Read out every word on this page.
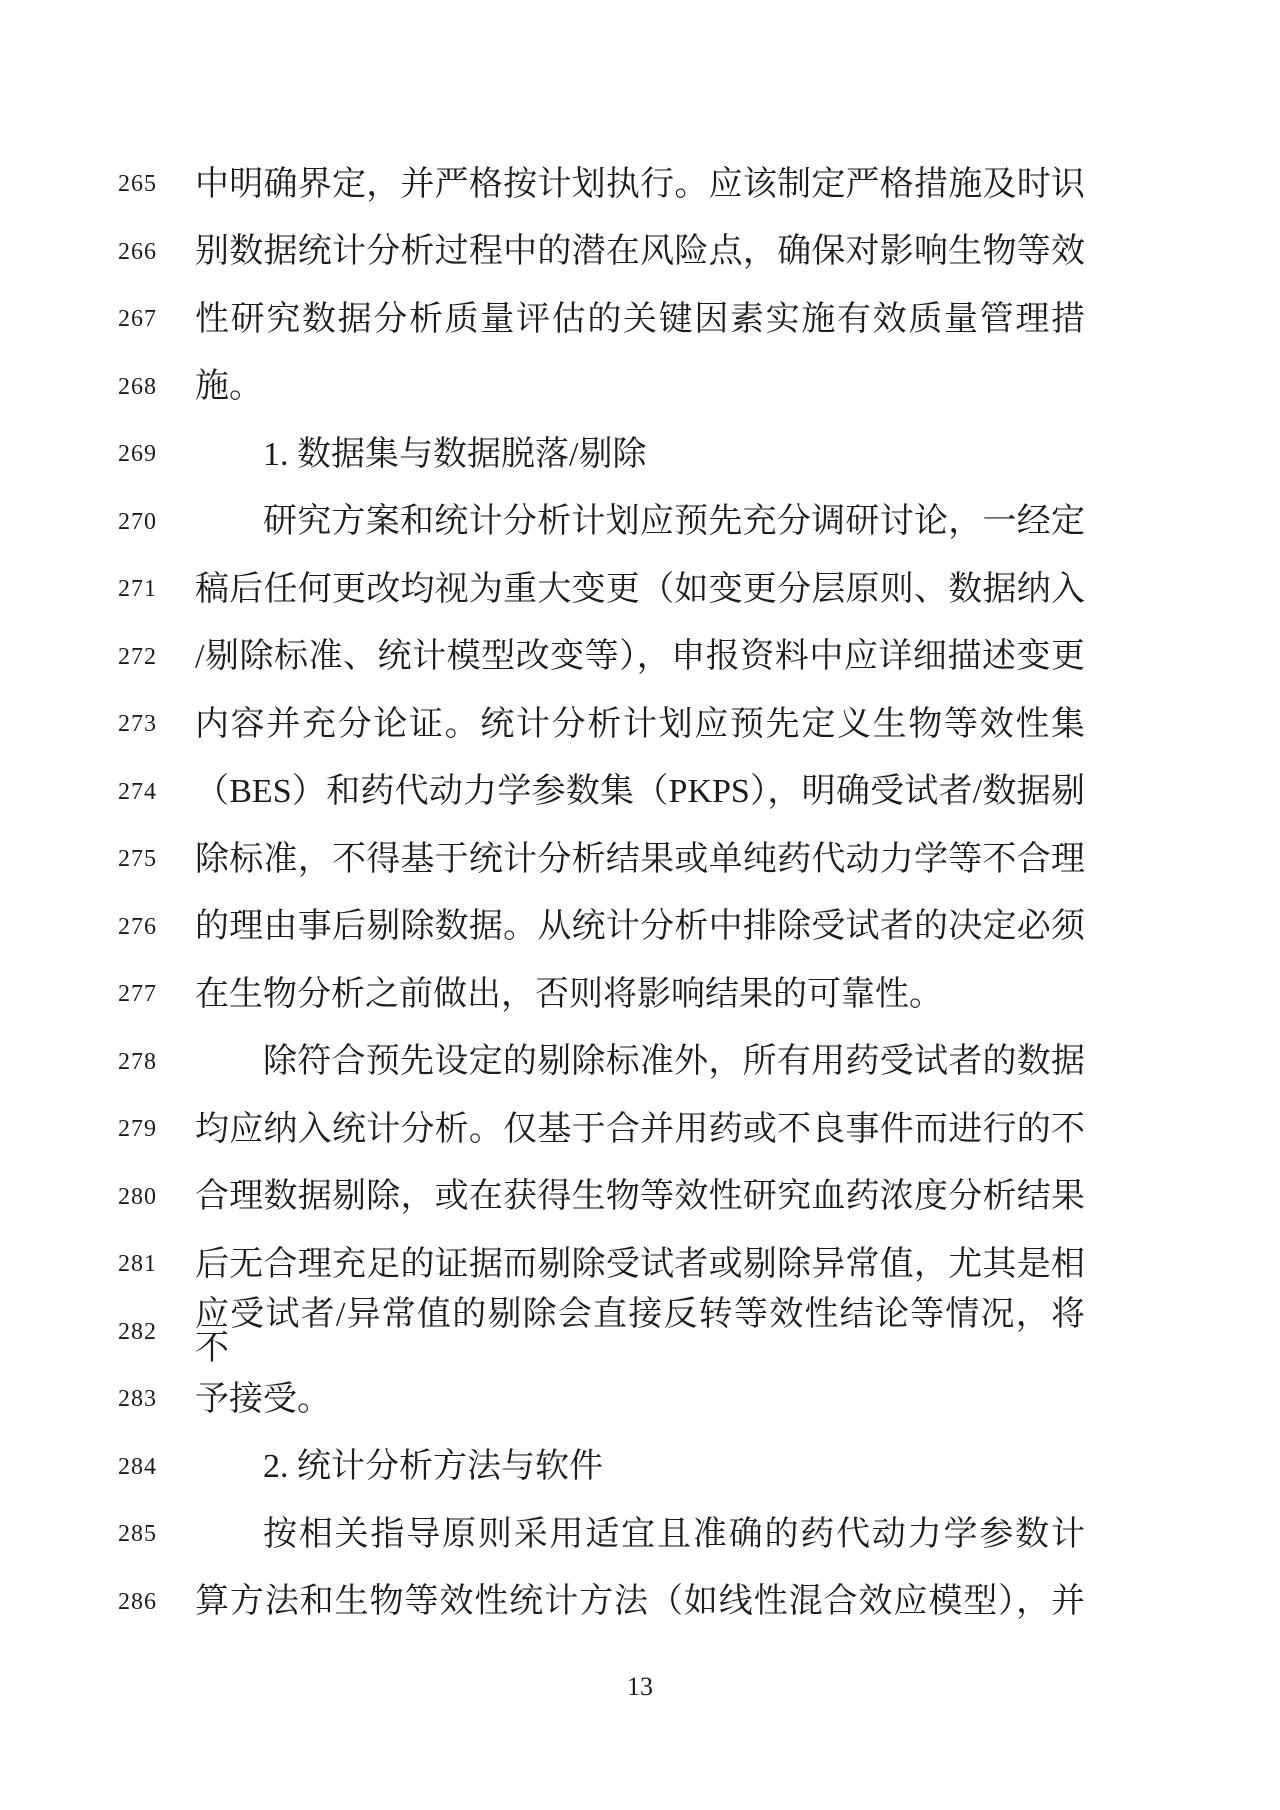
265	中明确界定，并严格按计划执行。应该制定严格措施及时识
266	别数据统计分析过程中的潜在风险点，确保对影响生物等效
267	性研究数据分析质量评估的关键因素实施有效质量管理措
268	施。
269	1. 数据集与数据脱落/剔除
270	研究方案和统计分析计划应预先充分调研讨论，一经定
271	稿后任何更改均视为重大变更（如变更分层原则、数据纳入
272	/剔除标准、统计模型改变等），申报资料中应详细描述变更
273	内容并充分论证。统计分析计划应预先定义生物等效性集
274	（BES）和药代动力学参数集（PKPS），明确受试者/数据剔
275	除标准，不得基于统计分析结果或单纯药代动力学等不合理
276	的理由事后剔除数据。从统计分析中排除受试者的决定必须
277	在生物分析之前做出，否则将影响结果的可靠性。
278	除符合预先设定的剔除标准外，所有用药受试者的数据
279	均应纳入统计分析。仅基于合并用药或不良事件而进行的不
280	合理数据剔除，或在获得生物等效性研究血药浓度分析结果
281	后无合理充足的证据而剔除受试者或剔除异常值，尤其是相
282	应受试者/异常值的剔除会直接反转等效性结论等情况，将不
283	予接受。
284	2. 统计分析方法与软件
285	按相关指导原则采用适宜且准确的药代动力学参数计
286	算方法和生物等效性统计方法（如线性混合效应模型），并
13
